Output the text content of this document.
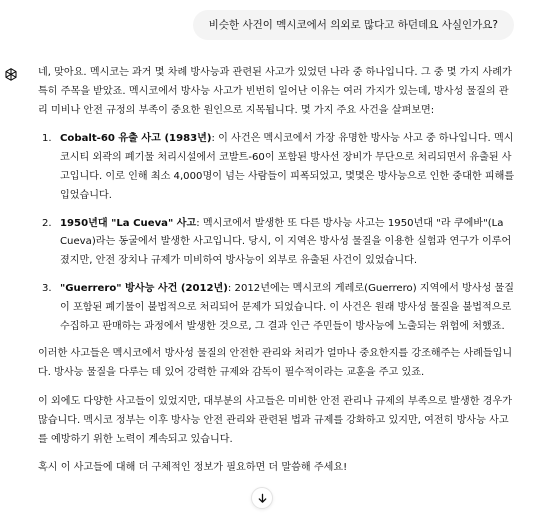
비슷한 사건이 멕시코에서 의외로 많다고 하던데요 사실인가요?

네, 맞아요. 멕시코는 과거 몇 차례 방사능과 관련된 사고가 있었던 나라 중 하나입니다. 그 중 몇 가지 사례가 특히 주목을 받았죠. 멕시코에서 방사능 사고가 빈번히 일어난 이유는 여러 가지가 있는데, 방사성 물질의 관리 미비나 안전 규정의 부족이 중요한 원인으로 지목됩니다. 몇 가지 주요 사건을 살펴보면:

1. Cobalt-60 유출 사고 (1983년): 이 사건은 멕시코에서 가장 유명한 방사능 사고 중 하나입니다. 멕시코시티 외곽의 폐기물 처리시설에서 코발트-60이 포함된 방사선 장비가 무단으로 처리되면서 유출된 사고입니다. 이로 인해 최소 4,000명이 넘는 사람들이 피폭되었고, 몇몇은 방사능으로 인한 중대한 피해를 입었습니다.
2. 1950년대 "La Cueva" 사고: 멕시코에서 발생한 또 다른 방사능 사고는 1950년대 "라 쿠에바"(La Cueva)라는 동굴에서 발생한 사고입니다. 당시, 이 지역은 방사성 물질을 이용한 실험과 연구가 이루어졌지만, 안전 장치나 규제가 미비하여 방사능이 외부로 유출된 사건이 있었습니다.
3. "Guerrero" 방사능 사건 (2012년): 2012년에는 멕시코의 게레로(Guerrero) 지역에서 방사성 물질이 포함된 폐기물이 불법적으로 처리되어 문제가 되었습니다. 이 사건은 원래 방사성 물질을 불법적으로 수집하고 판매하는 과정에서 발생한 것으로, 그 결과 인근 주민들이 방사능에 노출되는 위험에 처했죠.

이러한 사고들은 멕시코에서 방사성 물질의 안전한 관리와 처리가 얼마나 중요한지를 강조해주는 사례들입니다. 방사능 물질을 다루는 데 있어 강력한 규제와 감독이 필수적이라는 교훈을 주고 있죠.

이 외에도 다양한 사고들이 있었지만, 대부분의 사고들은 미비한 안전 관리나 규제의 부족으로 발생한 경우가 많습니다. 멕시코 정부는 이후 방사능 안전 관리와 관련된 법과 규제를 강화하고 있지만, 여전히 방사능 사고를 예방하기 위한 노력이 계속되고 있습니다.

혹시 이 사고들에 대해 더 구체적인 정보가 필요하면 더 말씀해 주세요!
